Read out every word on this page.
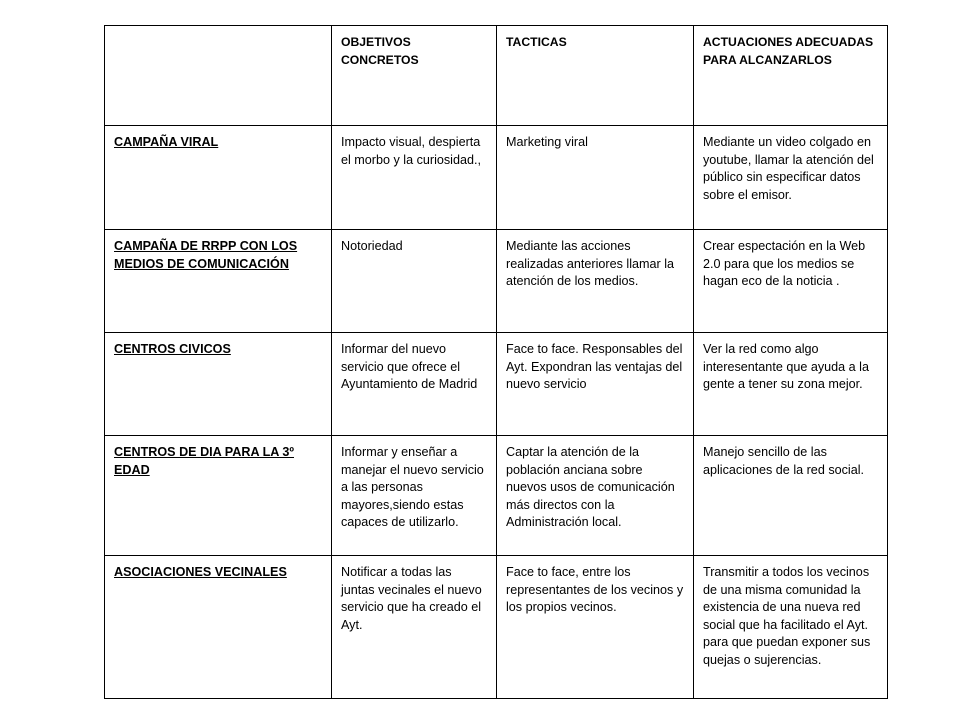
	OBJETIVOS CONCRETOS	TACTICAS	ACTUACIONES ADECUADAS PARA ALCANZARLOS
CAMPAÑA VIRAL	Impacto visual, despierta el morbo y la curiosidad.,	Marketing viral	Mediante un video colgado en youtube, llamar la atención del público sin especificar datos sobre el emisor.
CAMPAÑA DE RRPP CON LOS MEDIOS DE COMUNICACIÓN	Notoriedad	Mediante las acciones realizadas anteriores llamar la atención de los medios.	Crear espectación en la Web 2.0 para que los medios se hagan eco de la noticia .
CENTROS CIVICOS	Informar del nuevo servicio que ofrece el Ayuntamiento de Madrid	Face to face. Responsables del Ayt. Expondran las ventajas del nuevo servicio	Ver la red como algo interesentante que ayuda a la gente a tener su zona mejor.
CENTROS DE DIA PARA LA 3º EDAD	Informar y enseñar a manejar el nuevo servicio a las personas mayores,siendo estas capaces de utilizarlo.	Captar la atención de la población anciana sobre nuevos usos de comunicación más directos con la Administración local.	Manejo sencillo de las aplicaciones de la red social.
ASOCIACIONES VECINALES	Notificar a todas las juntas vecinales el nuevo servicio que ha creado el Ayt.	Face to face, entre los representantes de los vecinos y los propios vecinos.	Transmitir a todos los vecinos de una misma comunidad la existencia de una nueva red social que ha facilitado el Ayt. para que puedan exponer sus quejas o sujerencias.
